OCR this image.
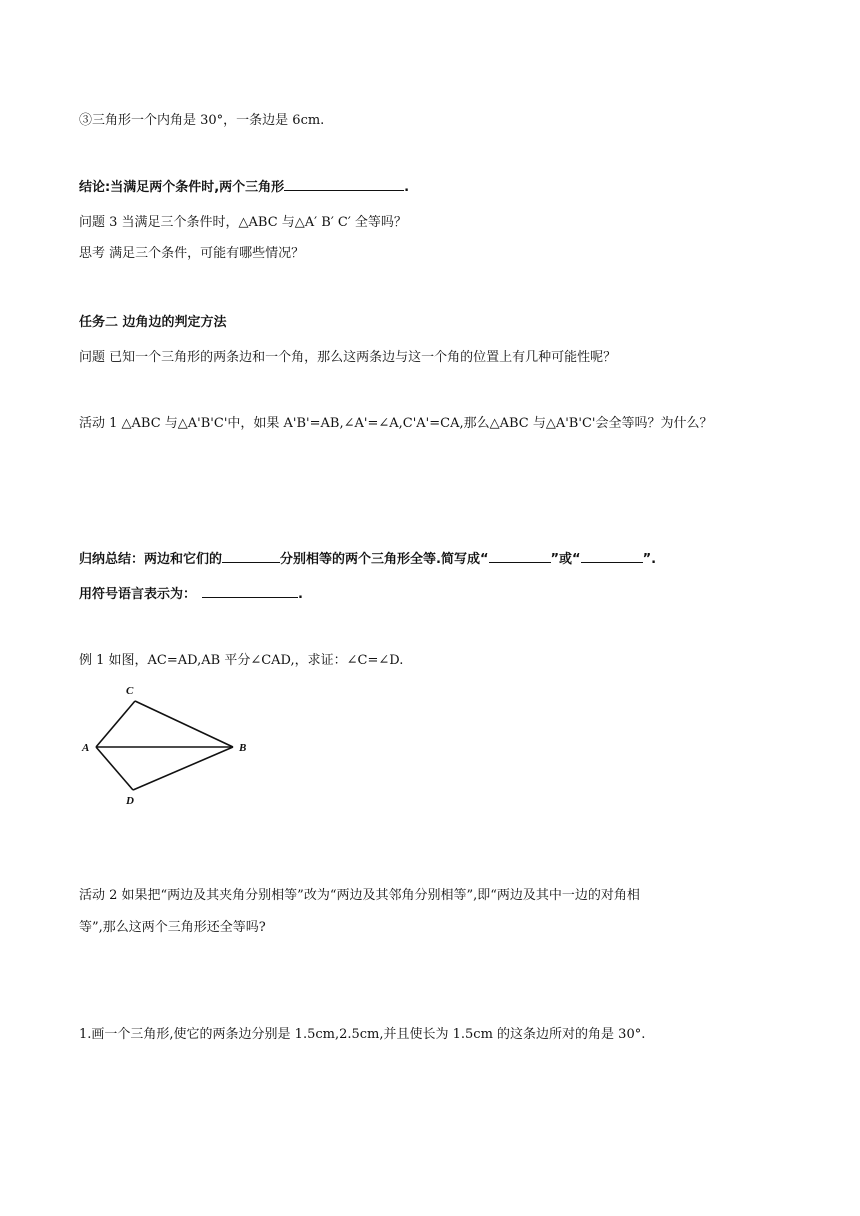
③三角形一个内角是 30°，一条边是 6cm.
结论:当满足两个条件时,两个三角形	.
问题 3 当满足三个条件时，△ABC 与△A′ B′ C′ 全等吗？
思考 满足三个条件，可能有哪些情况？
任务二 边角边的判定方法
问题 已知一个三角形的两条边和一个角，那么这两条边与这一个角的位置上有几种可能性呢？
活动 1 △ABC 与△A'B'C'中，如果 A'B'=AB,∠A'=∠A,C'A'=CA,那么△ABC 与△A'B'C'会全等吗？为什么？
归纳总结：两边和它们的	分别相等的两个三角形全等.简写成“	”或“	”.
用符号语言表示为：	.
例 1 如图，AC=AD,AB 平分∠CAD,，求证：∠C=∠D.
C
A	B
D
活动 2 如果把“两边及其夹角分别相等”改为“两边及其邻角分别相等”,即“两边及其中一边的对角相
等”,那么这两个三角形还全等吗?
1.画一个三角形,使它的两条边分别是 1.5cm,2.5cm,并且使长为 1.5cm 的这条边所对的角是 30°.
